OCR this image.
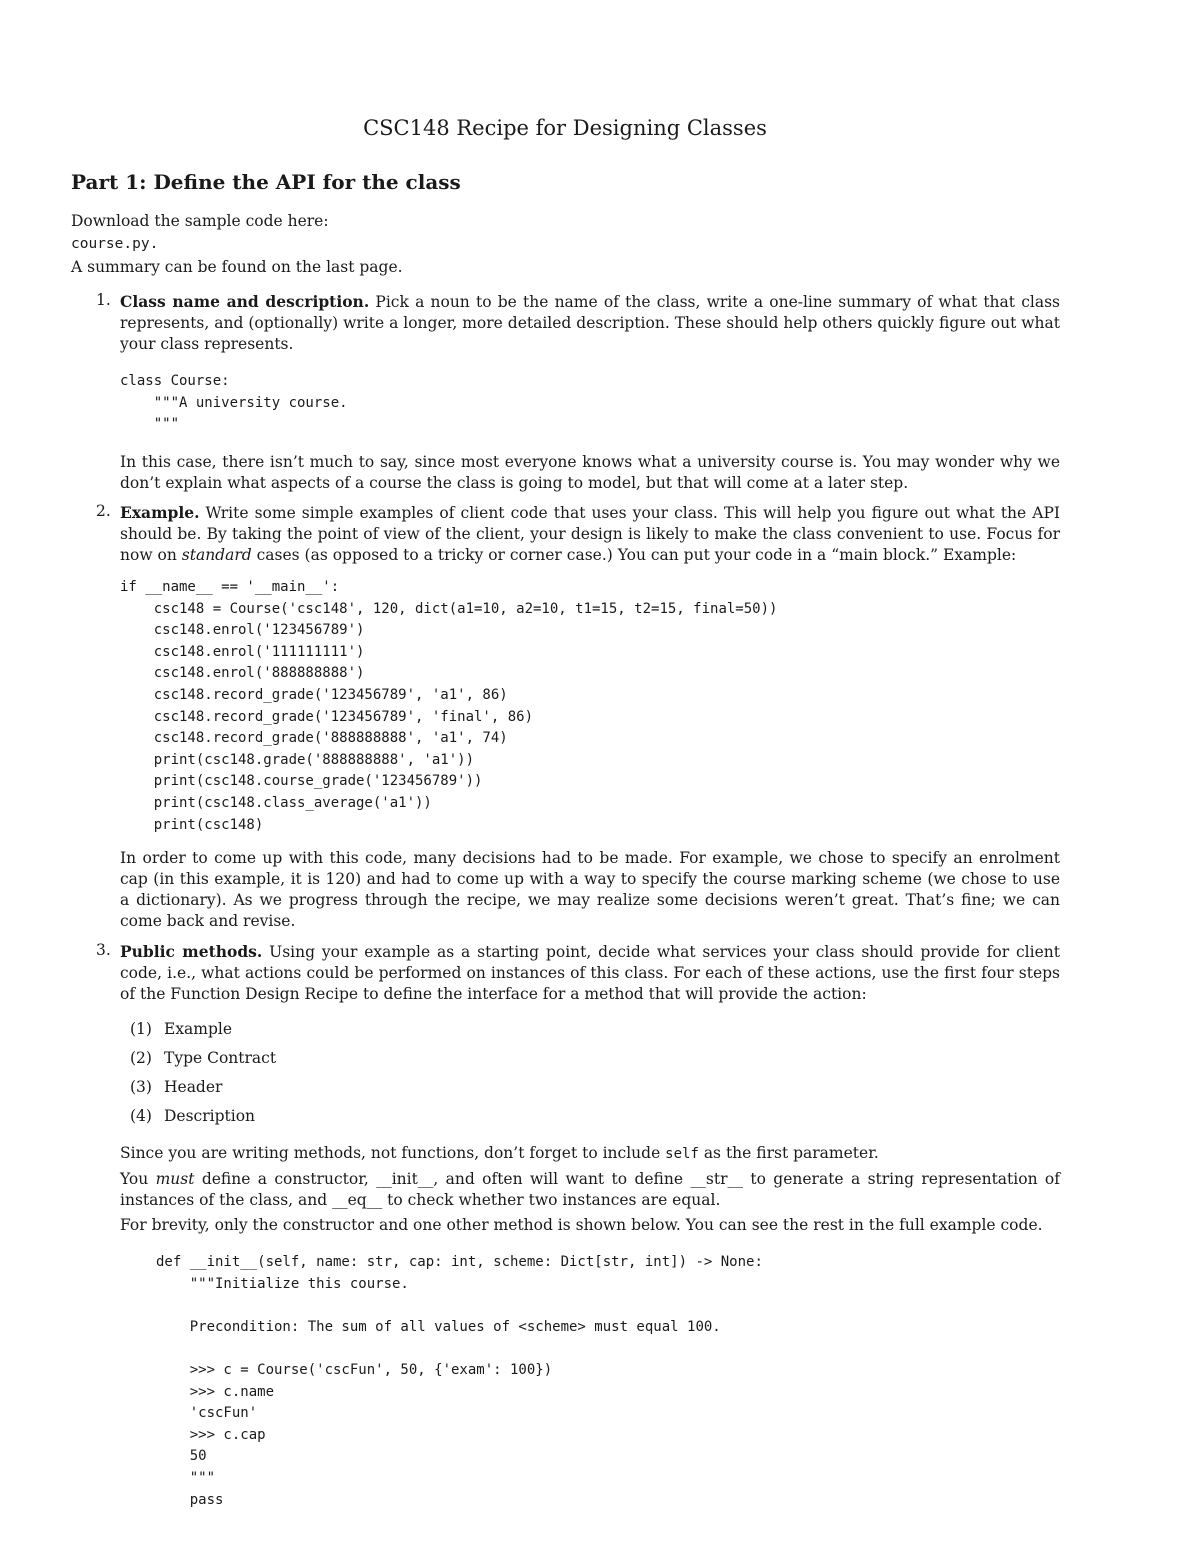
CSC148 Recipe for Designing Classes
Part 1: Define the API for the class
Download the sample code here:
course.py.
A summary can be found on the last page.
1. Class name and description. Pick a noun to be the name of the class, write a one-line summary of what that class represents, and (optionally) write a longer, more detailed description. These should help others quickly figure out what your class represents.

class Course:
"""A university course.
"""

In this case, there isn’t much to say, since most everyone knows what a university course is. You may wonder why we don’t explain what aspects of a course the class is going to model, but that will come at a later step.

2. Example. Write some simple examples of client code that uses your class. This will help you figure out what the API should be. By taking the point of view of the client, your design is likely to make the class convenient to use. Focus for now on standard cases (as opposed to a tricky or corner case.) You can put your code in a “main block.” Example:

if __name__ == '__main__':
csc148 = Course('csc148', 120, dict(a1=10, a2=10, t1=15, t2=15, final=50))
csc148.enrol('123456789')
csc148.enrol('111111111')
csc148.enrol('888888888')
csc148.record_grade('123456789', 'a1', 86)
csc148.record_grade('123456789', 'final', 86)
csc148.record_grade('888888888', 'a1', 74)
print(csc148.grade('888888888', 'a1'))
print(csc148.course_grade('123456789'))
print(csc148.class_average('a1'))
print(csc148)

In order to come up with this code, many decisions had to be made. For example, we chose to specify an enrolment cap (in this example, it is 120) and had to come up with a way to specify the course marking scheme (we chose to use a dictionary). As we progress through the recipe, we may realize some decisions weren’t great. That’s fine; we can come back and revise.

3. Public methods. Using your example as a starting point, decide what services your class should provide for client code, i.e., what actions could be performed on instances of this class. For each of these actions, use the first four steps of the Function Design Recipe to define the interface for a method that will provide the action:

(1) Example
(2) Type Contract
(3) Header
(4) Description

Since you are writing methods, not functions, don’t forget to include self as the first parameter.

You must define a constructor, __init__, and often will want to define __str__ to generate a string representation of instances of the class, and __eq__ to check whether two instances are equal.

For brevity, only the constructor and one other method is shown below. You can see the rest in the full example code.

def __init__(self, name: str, cap: int, scheme: Dict[str, int]) -> None:
"""Initialize this course.

Precondition: The sum of all values of <scheme> must equal 100.

>>> c = Course('cscFun', 50, {'exam': 100})
>>> c.name
'cscFun'
>>> c.cap
50
"""
pass
